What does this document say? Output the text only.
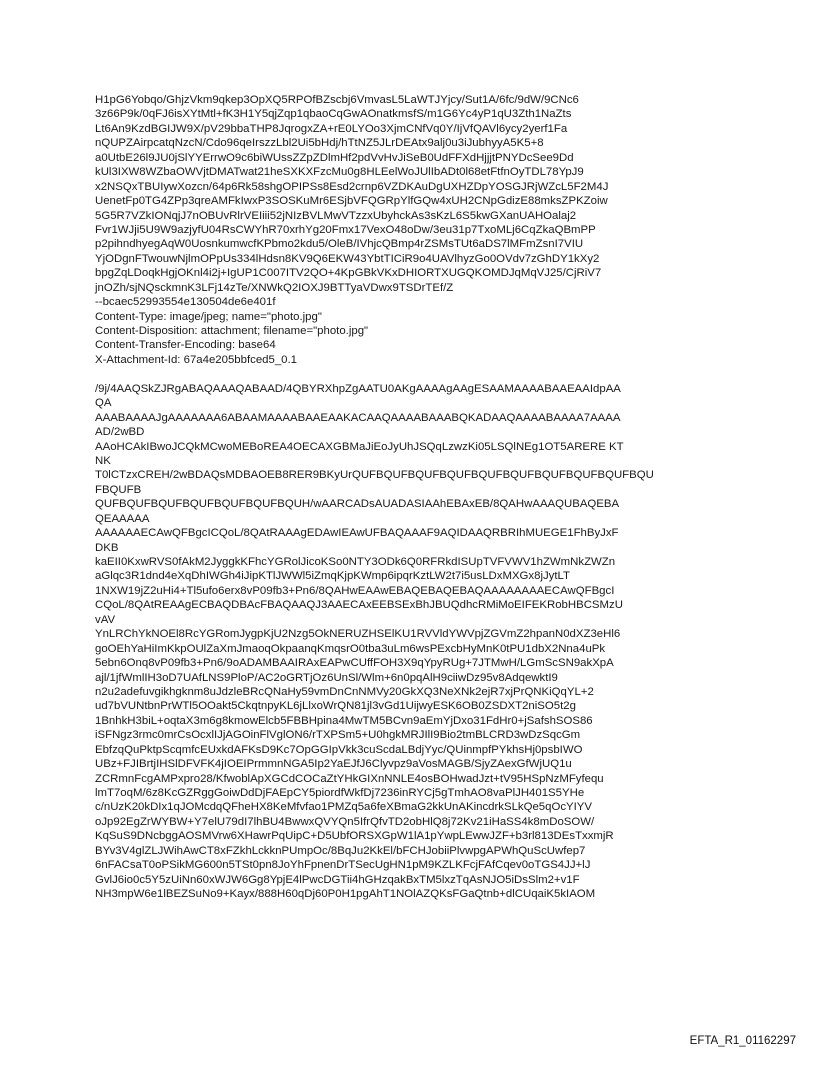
H1pG6Yobqo/GhjzVkm9qkep3OpXQ5RPOfBZscbj6VmvasL5LaWTJYjcy/Sut1A/6fc/9dW/9CNc6
3z66P9k/0qFJ6isXYtMtl+fK3H1Y5qjZqp1qbaoCqGwAOnatkmsfS/m1G6Yc4yP1qU3Zth1NaZts
Lt6An9KzdBGIJW9X/pV29bbaTHP8JqrogxZA+rE0LYOo3XjmCNfVq0Y/IjVfQAVl6ycy2yerf1Fa
nQUPZAirpcatqNzcN/Cdo96qeIrszzLbl2Ui5bHdj/hTtNZ5JLrDEAtx9alj0u3iJubhyyA5K5+8
a0UtbE26l9JU0jSlYYErrwO9c6biWUssZZpZDlmHf2pdVvHvJiSeB0UdFFXdHjjjtPNYDcSee9Dd
kUl3IXW8WZbaOWVjtDMATwat21heSXKXFzcMu0g8HLEelWoJUlIbADt0l68etFtfnOyTDL78YpJ9
x2NSQxTBUIywXozcn/64p6Rk58shgOPIPSs8Esd2crnp6VZDKAuDgUXHZDpYOSGJRjWZcL5F2M4J
UenetFp0TG4ZPp3qreAMFkIwxP3SOSKuMr6ESjbVFQGRpYlfGQw4xUH2CNpGdizE88mksZPKZoiw
5G5R7VZkIONqjJ7nOBUvRlrVEIiii52jNIzBVLMwVTzzxUbyhckAs3sKzL6S5kwGXanUAHOalaj2
Fvr1WJji5U9W9azjyfU04RsCWYhR70xrhYg20Fmx17VexO48oDw/3eu31p7TxoMLj6CqZkaQBmPP
p2pihndhyegAqW0UosnkumwcfKPbmo2kdu5/OleB/IVhjcQBmp4rZSMsTUt6aDS7lMFmZsnI7VIU
YjODgnFTwouwNjlmOPpUs334lHdsn8KV9Q6EKW43YbtTICiR9o4UAVlhyzGo0OVdv7zGhDY1kXy2
bpgZqLDoqkHgjOKnl4i2j+IgUP1C007ITV2QO+4KpGBkVKxDHIORTXUGQKOMDJqMqVJ25/CjRiV7
jnOZh/sjNQsckmnK3LFj14zTe/XNWkQ2IOXJ9BTTyaVDwx9TSDrTEf/Z
--bcaec52993554e130504de6e401f
Content-Type: image/jpeg; name="photo.jpg"
Content-Disposition: attachment; filename="photo.jpg"
Content-Transfer-Encoding: base64
X-Attachment-Id: 67a4e205bbfced5_0.1
/9j/4AAQSkZJRgABAQAAAQABAAD/4QBYRXhpZgAATU0AKgAAAAgAAgESAAMAAAABAAEAAIdpAA
QA
AAABAAAAJgAAAAAAA6ABAAMAAAABAAEAAKACAAQAAAABAAABQKADAAQAAAABAAAA7AAAA
AD/2wBD
AAoHCAkIBwoJCQkMCwoMEBoREA4OECAXGBMaJiEoJyUhJSQqLzwzKi05LSQlNEg1OT5ARERE KT
NK
T0lCTzxCREH/2wBDAQsMDBAOEB8RER9BKyUrQUFBQUFBQUFBQUFBQUFBQUFBQUFBQUFBQUFBQU
FBQUFB
QUFBQUFBQUFBQUFBQUFBQUFBQUH/wAARCADsAUADASIAAhEBAxEB/8QAHwAAAQUBAQEBA
QEAAAAA
AAAAAAECAwQFBgcICQoL/8QAtRAAAgEDAwIEAwUFBAQAAAF9AQIDAAQRBRIhMUEGE1FhByJxF
DKB
kaEII0KxwRVS0fAkM2JyggkKFhcYGRolJicoKSo0NTY3ODk6Q0RFRkdISUpTVFVWV1hZWmNkZWZn
aGlqc3R1dnd4eXqDhIWGh4iJipKTlJWWl5iZmqKjpKWmp6ipqrKztLW2t7i5usLDxMXGx8jJytLT
1NXW19jZ2uHi4+Tl5ufo6erx8vP09fb3+Pn6/8QAHwEAAwEBAQEBAQEBAQAAAAAAAAECAwQFBgcI
CQoL/8QAtREAAgECBAQDBAcFBAQAAQJ3AAECAxEEBSExBhJBUQdhcRMiMoEIFEKRobHBCSMzU
vAV
YnLRChYkNOEl8RcYGRomJygpKjU2Nzg5OkNERUZHSElKU1RVVldYWVpjZGVmZ2hpanN0dXZ3eHl6
goOEhYaHiImKkpOUlZaXmJmaoqOkpaanqKmqsrO0tba3uLm6wsPExcbHyMnK0tPU1dbX2Nna4uPk
5ebn6Onq8vP09fb3+Pn6/9oADAMBAAIRAxEAPwCUffFOH3X9qYpyRUg+7JTMwH/LGmScSN9akXpA
ajl/1jfWmlIH3oD7UAfLNS9PloP/AC2oGRTjOz6UnSl/Wlm+6n0pqAlH9ciiwDz95v8AdqewktI9
n2u2adefuvgikhgknm8uJdzleBRcQNaHy59vmDnCnNMVy20GkXQ3NeXNk2ejR7xjPrQNKiQqYL+2
ud7bVUNtbnPrWTl5OOakt5CkqtnpyKL6jLlxoWrQN81jl3vGd1UijwyESK6OB0ZSDXT2niSO5t2g
1BnhkH3biL+oqtaX3m6g8kmowElcb5FBBHpina4MwTM5BCvn9aEmYjDxo31FdHr0+jSafshSOS86
iSFNgz3rmc0mrCsOcxlIJjAGOinFlVglON6/rTXPSm5+U0hgkMRJIlI9Bio2tmBLCRD3wDzSqcGm
EbfzqQuPktpScqmfcEUxkdAFKsD9Kc7OpGGIpVkk3cuScdaLBdjYyc/QUinmpfPYkhsHj0psbIWO
UBz+FJIBrtjIHSlDFVFK4jIOEIPrmmnNGA5Ip2YaEJfJ6Clyvpz9aVosMAGB/SjyZAexGfWjUQ1u
ZCRmnFcgAMPxpro28/KfwoblApXGCdCOCaZtYHkGIXnNNLE4osBOHwadJzt+tV95HSpNzMFyfequ
lmT7oqM/6z8KcGZRggGoiwDdDjFAEpCY5piordfWkfDj7236inRYCj5gTmhAO8vaPlJH401S5YHe
c/nUzK20kDIx1qJOMcdqQFheHX8KeMfvfao1PMZq5a6feXBmaG2kkUnAKincdrkSLkQe5qOcYIYV
oJp92EgZrWYBW+Y7elU79dI7lhBU4BwwxQVYQn5IfrQfvTD2obHlQ8j72Kv21iHaSS4k8mDoSOW/
KqSuS9DNcbggAOSMVrw6XHawrPqUipC+D5UbfORSXGpW1lA1pYwpLEwwJZF+b3rl813DEsTxxmjR
BYv3V4glZLJWihAwCT8xFZkhLckknPUmpOc/8BqJu2KkEl/bFCHJobiiPlvwpgAPWhQuScUwfep7
6nFACsaT0oPSikMG600n5TSt0pn8JoYhFpnenDrTSecUgHN1pM9KZLKFcjFAfCqev0oTGS4JJ+lJ
GvlJ6io0c5Y5zUiNn60xWJW6Gg8YpjE4lPwcDGTii4hGHzqakBxTM5lxzTqAsNJO5iDsSlm2+v1F
NH3mpW6e1lBEZSuNo9+Kayx/888H60qDj60P0H1pgAhT1NOlAZQKsFGaQtnb+dlCUqaiK5kIAOM
EFTA_R1_01162297
